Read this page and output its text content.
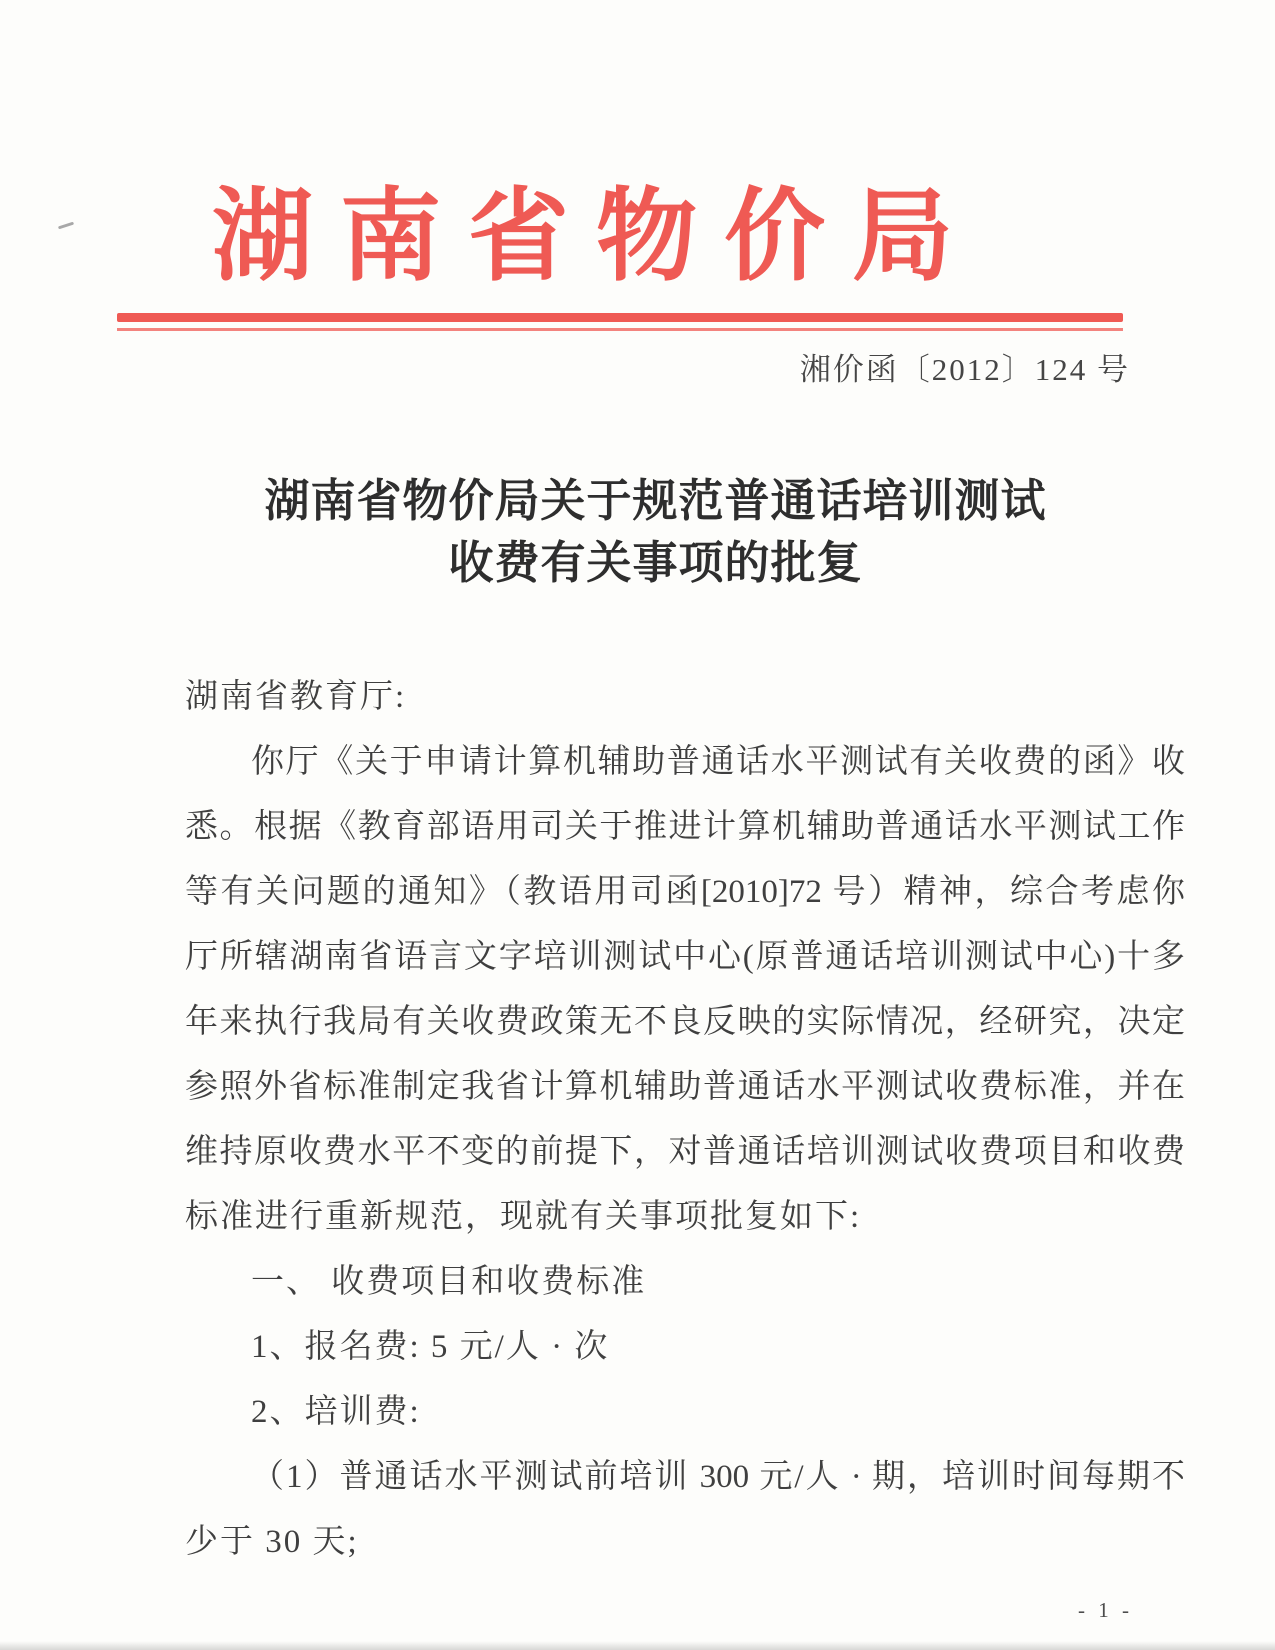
湖南省物价局
湘价函〔2012〕124 号
湖南省物价局关于规范普通话培训测试
收费有关事项的批复
湖南省教育厅:
你厅《关于申请计算机辅助普通话水平测试有关收费的函》收
悉。根据《教育部语用司关于推进计算机辅助普通话水平测试工作
等有关问题的通知》（教语用司函[2010]72 号）精神，综合考虑你
厅所辖湖南省语言文字培训测试中心(原普通话培训测试中心)十多
年来执行我局有关收费政策无不良反映的实际情况，经研究，决定
参照外省标准制定我省计算机辅助普通话水平测试收费标准，并在
维持原收费水平不变的前提下，对普通话培训测试收费项目和收费
标准进行重新规范，现就有关事项批复如下:
一、 收费项目和收费标准
1、报名费: 5 元/人 · 次
2、培训费:
（1）普通话水平测试前培训 300 元/人 · 期，培训时间每期不
少于 30 天;
- 1 -
